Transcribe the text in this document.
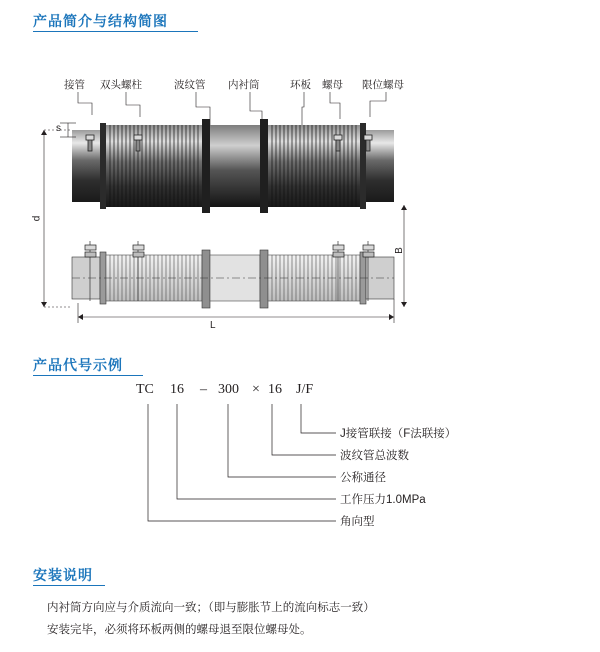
产品简介与结构简图
接管 双头螺柱	波纹管 内衬筒	环板 螺母 限位螺母
s
d
B
L
产品代号示例
TC 16 – 300 × 16 J/F
J接管联接（F法联接）
波纹管总波数
公称通径
工作压力1.0MPa
角向型
安装说明

内衬筒方向应与介质流向一致；（即与膨胀节上的流向标志一致）

安装完毕，必须将环板两侧的螺母退至限位螺母处。
